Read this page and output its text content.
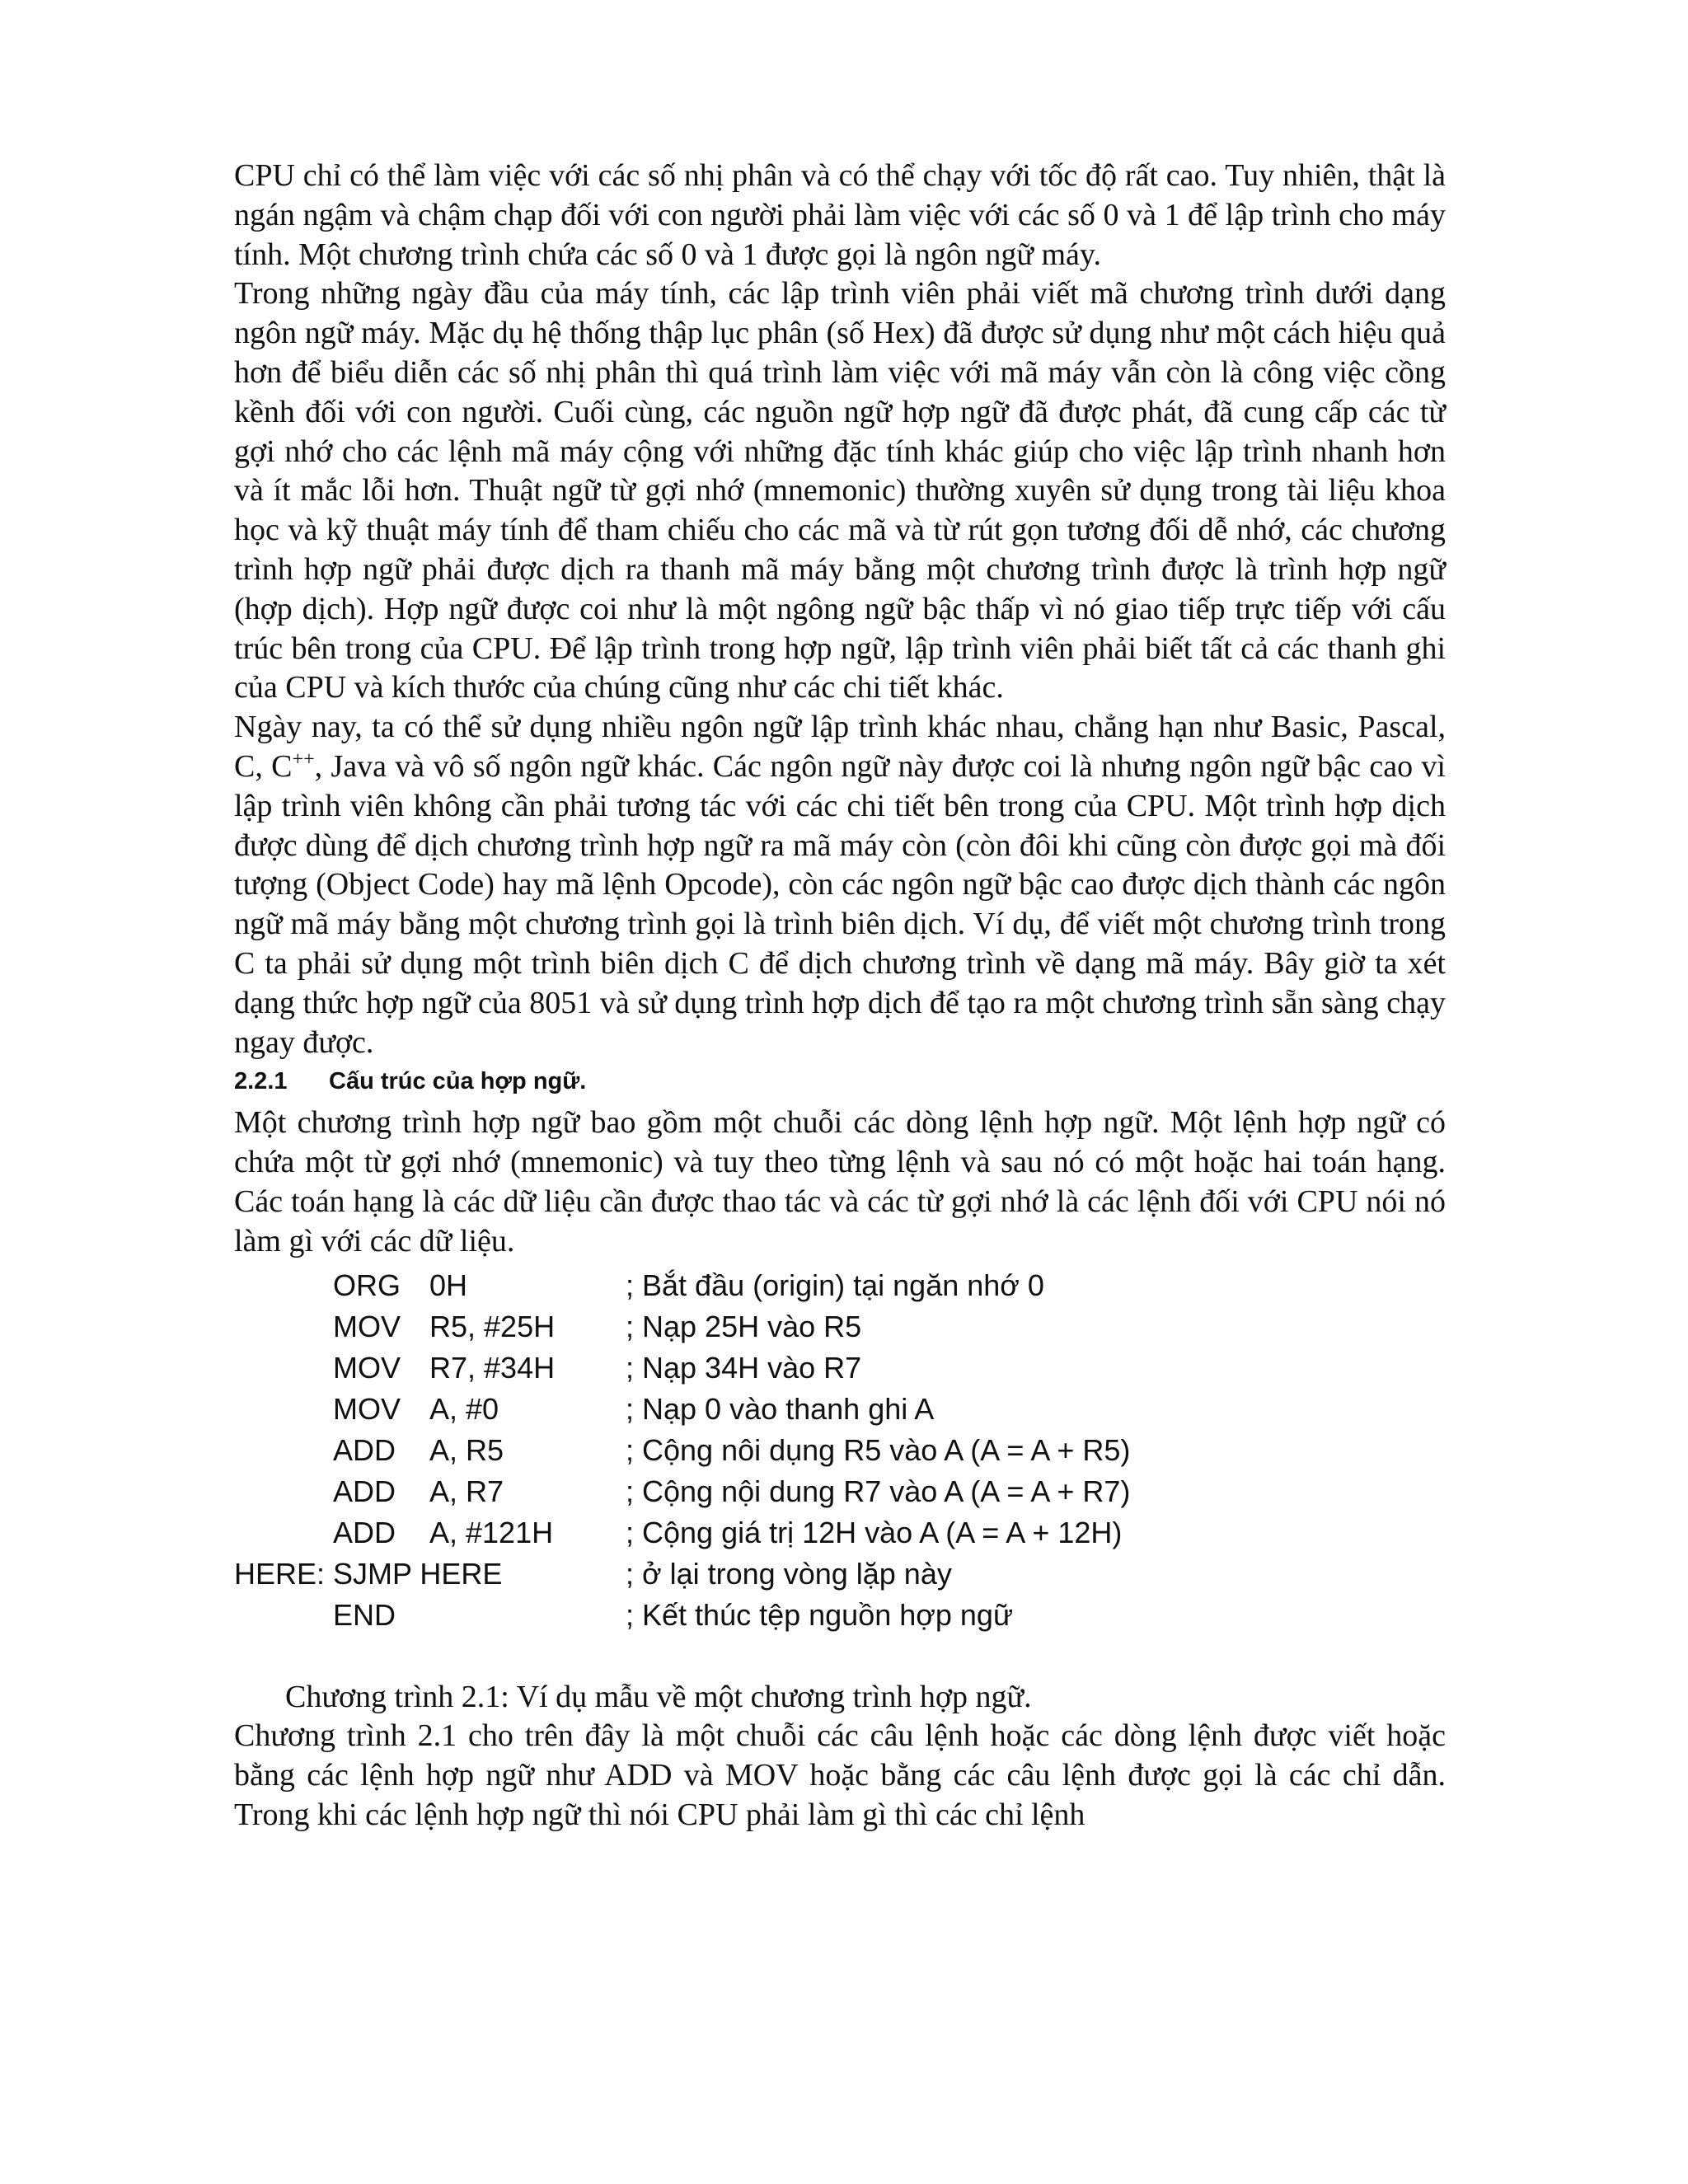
CPU chỉ có thể làm việc với các số nhị phân và có thể chạy với tốc độ rất cao. Tuy nhiên, thật là ngán ngậm và chậm chạp đối với con người phải làm việc với các số 0 và 1 để lập trình cho máy tính. Một chương trình chứa các số 0 và 1 được gọi là ngôn ngữ máy.

Trong những ngày đầu của máy tính, các lập trình viên phải viết mã chương trình dưới dạng ngôn ngữ máy. Mặc dụ hệ thống thập lục phân (số Hex) đã được sử dụng như một cách hiệu quả hơn để biểu diễn các số nhị phân thì quá trình làm việc với mã máy vẫn còn là công việc cồng kềnh đối với con người. Cuối cùng, các nguồn ngữ hợp ngữ đã được phát, đã cung cấp các từ gợi nhớ cho các lệnh mã máy cộng với những đặc tính khác giúp cho việc lập trình nhanh hơn và ít mắc lỗi hơn. Thuật ngữ từ gợi nhớ (mnemonic) thường xuyên sử dụng trong tài liệu khoa học và kỹ thuật máy tính để tham chiếu cho các mã và từ rút gọn tương đối dễ nhớ, các chương trình hợp ngữ phải được dịch ra thanh mã máy bằng một chương trình được là trình hợp ngữ (hợp dịch). Hợp ngữ được coi như là một ngông ngữ bậc thấp vì nó giao tiếp trực tiếp với cấu trúc bên trong của CPU. Để lập trình trong hợp ngữ, lập trình viên phải biết tất cả các thanh ghi của CPU và kích thước của chúng cũng như các chi tiết khác.

Ngày nay, ta có thể sử dụng nhiều ngôn ngữ lập trình khác nhau, chẳng hạn như Basic, Pascal, C, C++, Java và vô số ngôn ngữ khác. Các ngôn ngữ này được coi là nhưng ngôn ngữ bậc cao vì lập trình viên không cần phải tương tác với các chi tiết bên trong của CPU. Một trình hợp dịch được dùng để dịch chương trình hợp ngữ ra mã máy còn (còn đôi khi cũng còn được gọi mà đối tượng (Object Code) hay mã lệnh Opcode), còn các ngôn ngữ bậc cao được dịch thành các ngôn ngữ mã máy bằng một chương trình gọi là trình biên dịch. Ví dụ, để viết một chương trình trong C ta phải sử dụng một trình biên dịch C để dịch chương trình về dạng mã máy. Bây giờ ta xét dạng thức hợp ngữ của 8051 và sử dụng trình hợp dịch để tạo ra một chương trình sẵn sàng chạy ngay được.

2.2.1 Cấu trúc của hợp ngữ.

Một chương trình hợp ngữ bao gồm một chuỗi các dòng lệnh hợp ngữ. Một lệnh hợp ngữ có chứa một từ gợi nhớ (mnemonic) và tuy theo từng lệnh và sau nó có một hoặc hai toán hạng. Các toán hạng là các dữ liệu cần được thao tác và các từ gợi nhớ là các lệnh đối với CPU nói nó làm gì với các dữ liệu.

ORG 0H	; Bắt đầu (origin) tại ngăn nhớ 0
MOV R5, #25H ; Nạp 25H vào R5
MOV R7, #34H ; Nạp 34H vào R7
MOV A, #0	; Nạp 0 vào thanh ghi A
ADD A, R5	; Cộng nôi dụng R5 vào A (A = A + R5)
ADD A, R7	; Cộng nội dung R7 vào A (A = A + R7)
ADD A, #121H ; Cộng giá trị 12H vào A (A = A + 12H)
HERE: SJMP HERE	; ở lại trong vòng lặp này
END	; Kết thúc tệp nguồn hợp ngữ

Chương trình 2.1: Ví dụ mẫu về một chương trình hợp ngữ.

Chương trình 2.1 cho trên đây là một chuỗi các câu lệnh hoặc các dòng lệnh được viết hoặc bằng các lệnh hợp ngữ như ADD và MOV hoặc bằng các câu lệnh được gọi là các chỉ dẫn. Trong khi các lệnh hợp ngữ thì nói CPU phải làm gì thì các chỉ lệnh
